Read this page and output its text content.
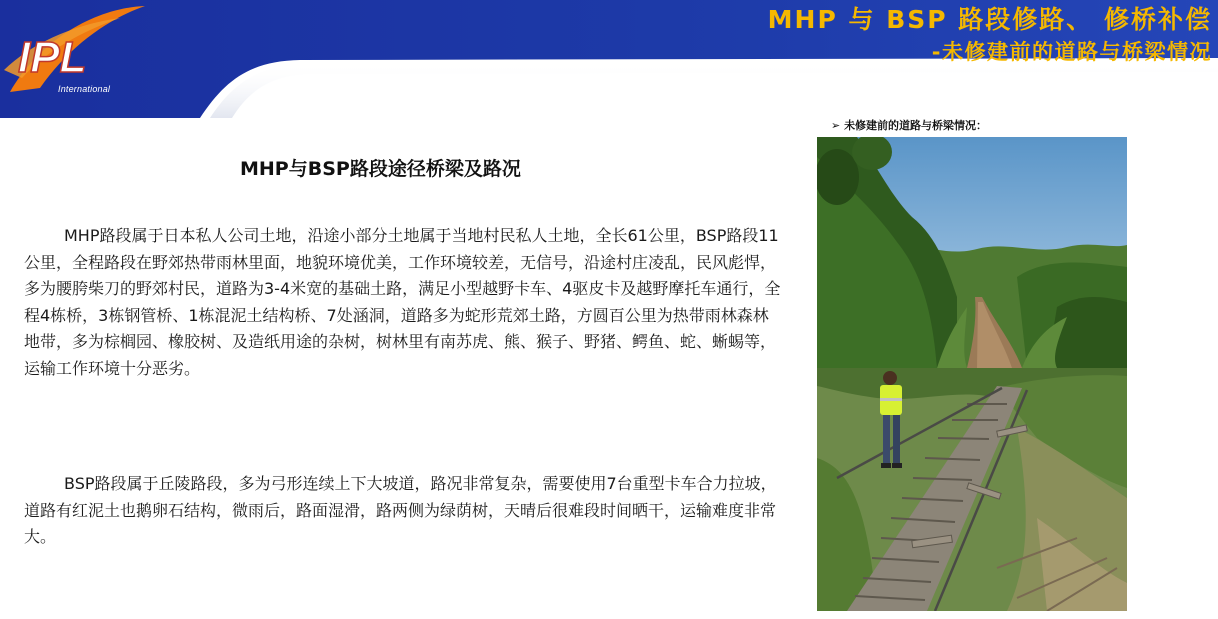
IPL
International
MHP 与 BSP 路段修路、 修桥补偿
-未修建前的道路与桥梁情况
MHP与BSP路段途径桥梁及路况

MHP路段属于日本私人公司土地，沿途小部分土地属于当地村民私人土地，全长61公里，BSP路段11公里，全程路段在野郊热带雨林里面，地貌环境优美，工作环境较差，无信号，沿途村庄凌乱，民风彪悍，多为腰胯柴刀的野郊村民，道路为3-4米宽的基础土路，满足小型越野卡车、4驱皮卡及越野摩托车通行，全程4栋桥，3栋钢管桥、1栋混泥土结构桥、7处涵洞，道路多为蛇形荒郊土路，方圆百公里为热带雨林森林地带，多为棕榈园、橡胶树、及造纸用途的杂树，树林里有南苏虎、熊、猴子、野猪、鳄鱼、蛇、蜥蜴等，运输工作环境十分恶劣。

BSP路段属于丘陵路段，多为弓形连续上下大坡道，路况非常复杂，需要使用7台重型卡车合力拉坡，道路有红泥土也鹅卵石结构，微雨后，路面湿滑，路两侧为绿荫树，天晴后很难段时间晒干，运输难度非常大。

➢ 未修建前的道路与桥梁情况：
